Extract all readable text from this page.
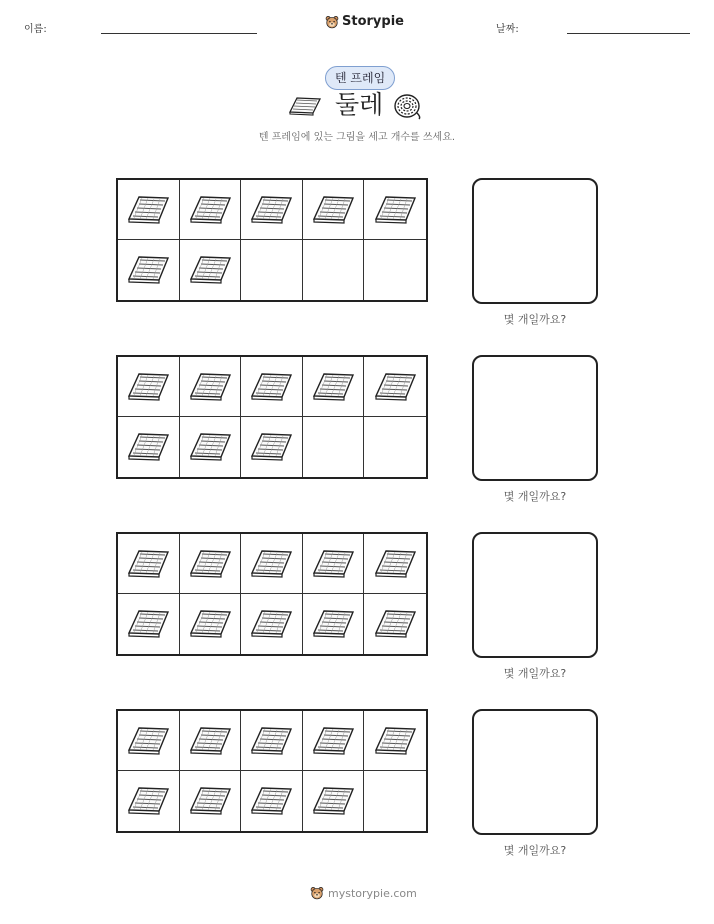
이름:
Storypie
날짜:
텐 프레임
둘레
텐 프레임에 있는 그림을 세고 개수를 쓰세요.
몇 개일까요?
몇 개일까요?
몇 개일까요?
몇 개일까요?
mystorypie.com
